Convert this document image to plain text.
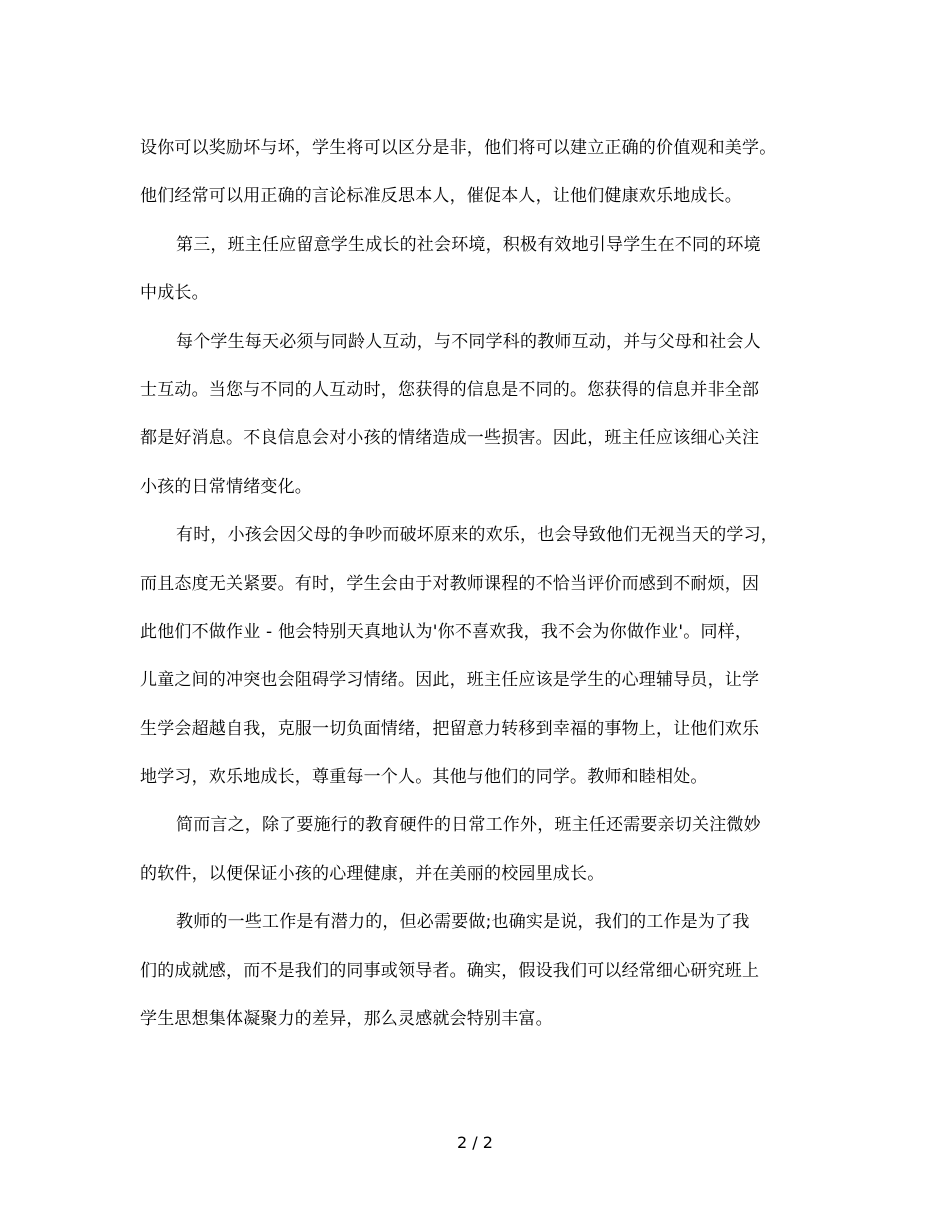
设你可以奖励坏与坏，学生将可以区分是非，他们将可以建立正确的价值观和美学。
他们经常可以用正确的言论标准反思本人，催促本人，让他们健康欢乐地成长。
第三，班主任应留意学生成长的社会环境，积极有效地引导学生在不同的环境
中成长。
每个学生每天必须与同龄人互动，与不同学科的教师互动，并与父母和社会人
士互动。当您与不同的人互动时，您获得的信息是不同的。您获得的信息并非全部
都是好消息。不良信息会对小孩的情绪造成一些损害。因此，班主任应该细心关注
小孩的日常情绪变化。
有时，小孩会因父母的争吵而破坏原来的欢乐，也会导致他们无视当天的学习，
而且态度无关紧要。有时，学生会由于对教师课程的不恰当评价而感到不耐烦，因
此他们不做作业 - 他会特别天真地认为'你不喜欢我，我不会为你做作业'。同样，
儿童之间的冲突也会阻碍学习情绪。因此，班主任应该是学生的心理辅导员，让学
生学会超越自我，克服一切负面情绪，把留意力转移到幸福的事物上，让他们欢乐
地学习，欢乐地成长，尊重每一个人。其他与他们的同学。教师和睦相处。
简而言之，除了要施行的教育硬件的日常工作外，班主任还需要亲切关注微妙
的软件，以便保证小孩的心理健康，并在美丽的校园里成长。
教师的一些工作是有潜力的，但必需要做;也确实是说，我们的工作是为了我
们的成就感，而不是我们的同事或领导者。确实，假设我们可以经常细心研究班上
学生思想集体凝聚力的差异，那么灵感就会特别丰富。
2 / 2
